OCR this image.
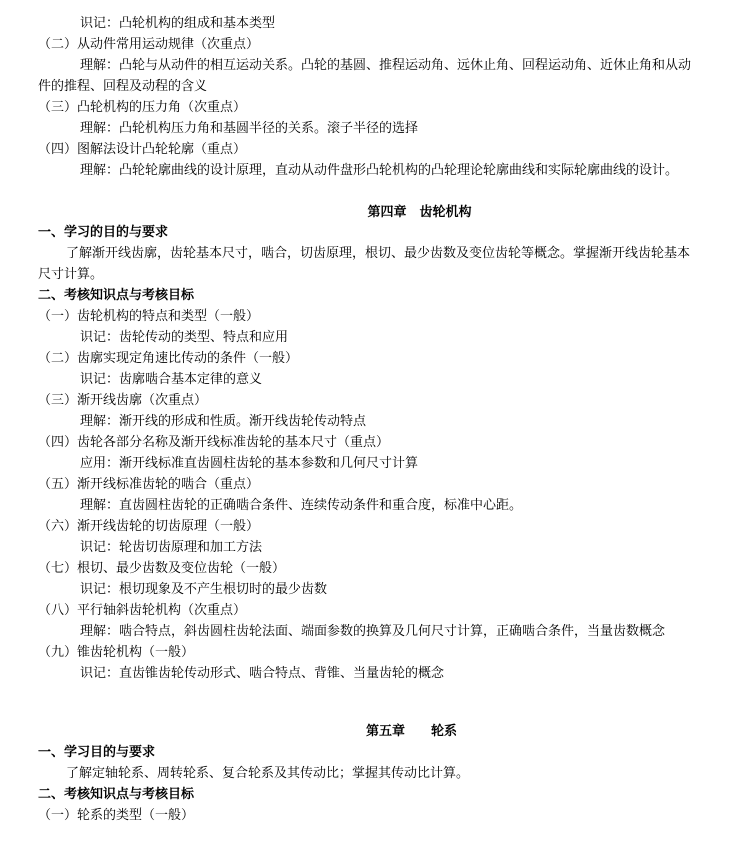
识记：凸轮机构的组成和基本类型
（二）从动件常用运动规律（次重点）
理解：凸轮与从动件的相互运动关系。凸轮的基圆、推程运动角、远休止角、回程运动角、近休止角和从动
件的推程、回程及动程的含义
（三）凸轮机构的压力角（次重点）
理解：凸轮机构压力角和基圆半径的关系。滚子半径的选择
（四）图解法设计凸轮轮廓（重点）
理解：凸轮轮廓曲线的设计原理，直动从动件盘形凸轮机构的凸轮理论轮廓曲线和实际轮廓曲线的设计。
第四章　齿轮机构
一、学习的目的与要求
了解渐开线齿廓，齿轮基本尺寸，啮合，切齿原理，根切、最少齿数及变位齿轮等概念。掌握渐开线齿轮基本
尺寸计算。
二、考核知识点与考核目标
（一）齿轮机构的特点和类型（一般）
识记：齿轮传动的类型、特点和应用
（二）齿廓实现定角速比传动的条件（一般）
识记：齿廓啮合基本定律的意义
（三）渐开线齿廓（次重点）
理解：渐开线的形成和性质。渐开线齿轮传动特点
（四）齿轮各部分名称及渐开线标准齿轮的基本尺寸（重点）
应用：渐开线标准直齿圆柱齿轮的基本参数和几何尺寸计算
（五）渐开线标准齿轮的啮合（重点）
理解：直齿圆柱齿轮的正确啮合条件、连续传动条件和重合度，标准中心距。
（六）渐开线齿轮的切齿原理（一般）
识记：轮齿切齿原理和加工方法
（七）根切、最少齿数及变位齿轮（一般）
识记：根切现象及不产生根切时的最少齿数
（八）平行轴斜齿轮机构（次重点）
理解：啮合特点，斜齿圆柱齿轮法面、端面参数的换算及几何尺寸计算，正确啮合条件，当量齿数概念
（九）锥齿轮机构（一般）
识记：直齿锥齿轮传动形式、啮合特点、背锥、当量齿轮的概念
第五章　　轮系
一、学习目的与要求
了解定轴轮系、周转轮系、复合轮系及其传动比；掌握其传动比计算。
二、考核知识点与考核目标
（一）轮系的类型（一般）
